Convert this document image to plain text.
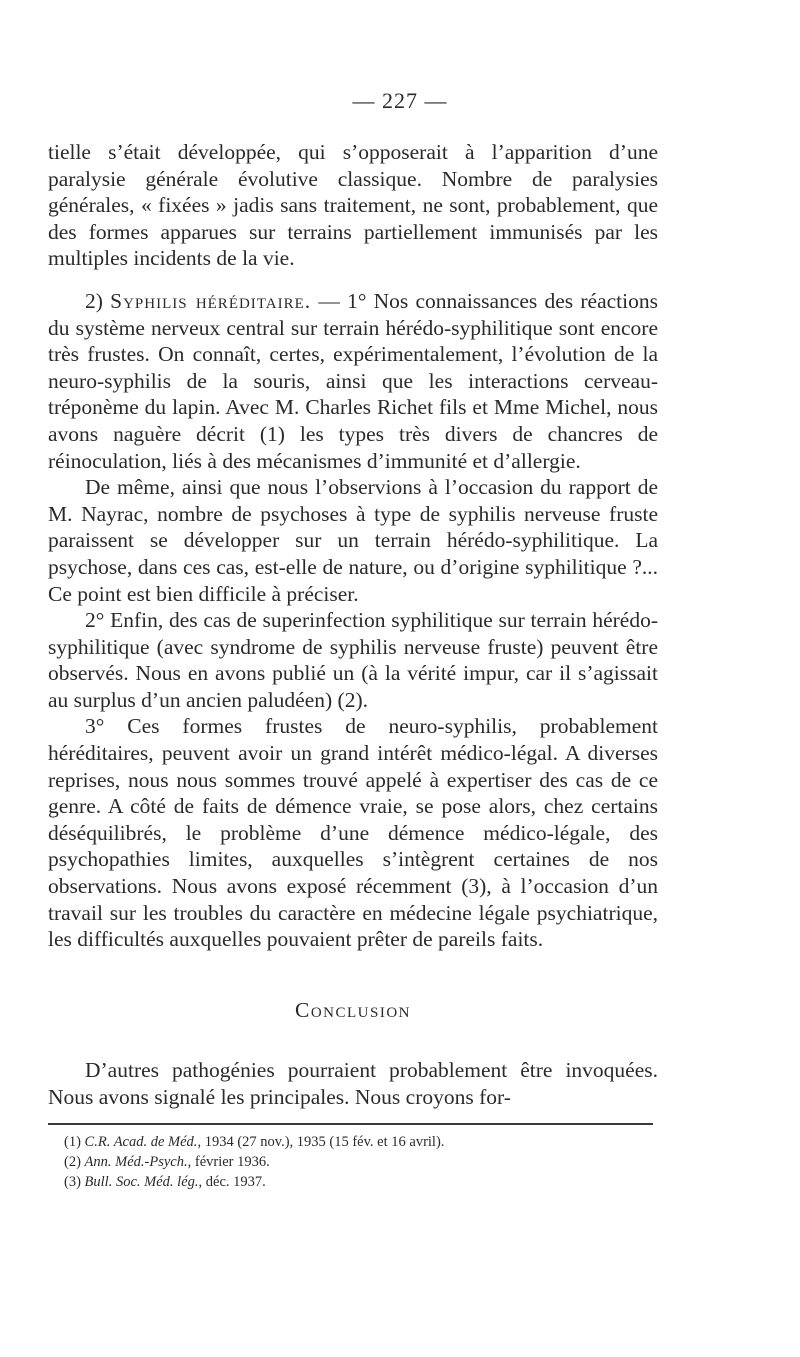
— 227 —

tielle s’était développée, qui s’opposerait à l’apparition d’une paralysie générale évolutive classique. Nombre de paralysies générales, « fixées » jadis sans traitement, ne sont, probablement, que des formes apparues sur terrains partiellement immunisés par les multiples incidents de la vie.

2) Syphilis héréditaire. — 1° Nos connaissances des réactions du système nerveux central sur terrain hérédo-syphilitique sont encore très frustes. On connaît, certes, expérimentalement, l’évolution de la neuro-syphilis de la souris, ainsi que les interactions cerveau-tréponème du lapin. Avec M. Charles Richet fils et Mme Michel, nous avons naguère décrit (1) les types très divers de chancres de réinoculation, liés à des mécanismes d’immunité et d’allergie.

De même, ainsi que nous l’observions à l’occasion du rapport de M. Nayrac, nombre de psychoses à type de syphilis nerveuse fruste paraissent se développer sur un terrain hérédo-syphilitique. La psychose, dans ces cas, est-elle de nature, ou d’origine syphilitique ?... Ce point est bien difficile à préciser.

2° Enfin, des cas de superinfection syphilitique sur terrain hérédo-syphilitique (avec syndrome de syphilis nerveuse fruste) peuvent être observés. Nous en avons publié un (à la vérité impur, car il s’agissait au surplus d’un ancien paludéen) (2).

3° Ces formes frustes de neuro-syphilis, probablement héréditaires, peuvent avoir un grand intérêt médico-légal. A diverses reprises, nous nous sommes trouvé appelé à expertiser des cas de ce genre. A côté de faits de démence vraie, se pose alors, chez certains déséquilibrés, le problème d’une démence médico-légale, des psychopathies limites, auxquelles s’intègrent certaines de nos observations. Nous avons exposé récemment (3), à l’occasion d’un travail sur les troubles du caractère en médecine légale psychiatrique, les difficultés auxquelles pouvaient prêter de pareils faits.

Conclusion

D’autres pathogénies pourraient probablement être invoquées. Nous avons signalé les principales. Nous croyons for-

(1) C.R. Acad. de Méd., 1934 (27 nov.), 1935 (15 fév. et 16 avril).
(2) Ann. Méd.-Psych., février 1936.
(3) Bull. Soc. Méd. lég., déc. 1937.
